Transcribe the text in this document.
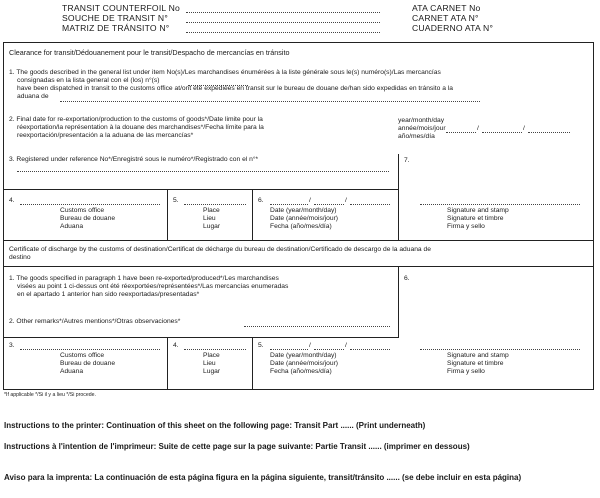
TRANSIT COUNTERFOIL No
SOUCHE DE TRANSIT N°
MATRIZ DE TRÁNSITO N°
ATA CARNET No
CARNET ATA N°
CUADERNO ATA N°
Clearance for transit/Dédouanement pour le transit/Despacho de mercancías en tránsito
1. The goods described in the general list under item No(s)/Les marchandises énumérées à la liste générale sous le(s) numéro(s)/Las mercancías
consignadas en la lista general con el (los) n°(s)
have been dispatched in transit to the customs office at/ont été expédiées en transit sur le bureau de douane de/han sido expedidas en tránsito a la
aduana de
2. Final date for re-exportation/production to the customs of goods*/Date limite pour la
réexportation/la représentation à la douane des marchandises*/Fecha límite para la
reexportación/presentación a la aduana de las mercancías*
year/month/day
année/mois/jour
año/mes/día
/	/
3. Registered under reference No*/Enregistré sous le numéro*/Registrado con el n°*	7.
4.
Customs office
Bureau de douane
Aduana
5.
Place
Lieu
Lugar
6.	/	/
Date (year/month/day)
Date (année/mois/jour)
Fecha (año/mes/día)
Signature and stamp
Signature et timbre
Firma y sello
Certificate of discharge by the customs of destination/Certificat de décharge du bureau de destination/Certificado de descargo de la aduana de
destino
1. The goods specified in paragraph 1 have been re-exported/produced*/Les marchandises
visées au point 1 ci-dessus ont été réexportées/représentées*/Las mercancías enumeradas
en el apartado 1 anterior han sido reexportadas/presentadas*
6.
2. Other remarks*/Autres mentions*/Otras observaciones*
3.
Customs office
Bureau de douane
Aduana
4.
Place
Lieu
Lugar
5.	/	/
Date (year/month/day)
Date (année/mois/jour)
Fecha (año/mes/día)
Signature and stamp
Signature et timbre
Firma y sello
*If applicable */Si il y a lieu */Si procede.
Instructions to the printer: Continuation of this sheet on the following page: Transit Part ...... (Print underneath)
Instructions à l'intention de l'imprimeur: Suite de cette page sur la page suivante: Partie Transit ...... (imprimer en dessous)
Aviso para la imprenta: La continuación de esta página figura en la página siguiente, transit/tránsito ...... (se debe incluir en esta página)
